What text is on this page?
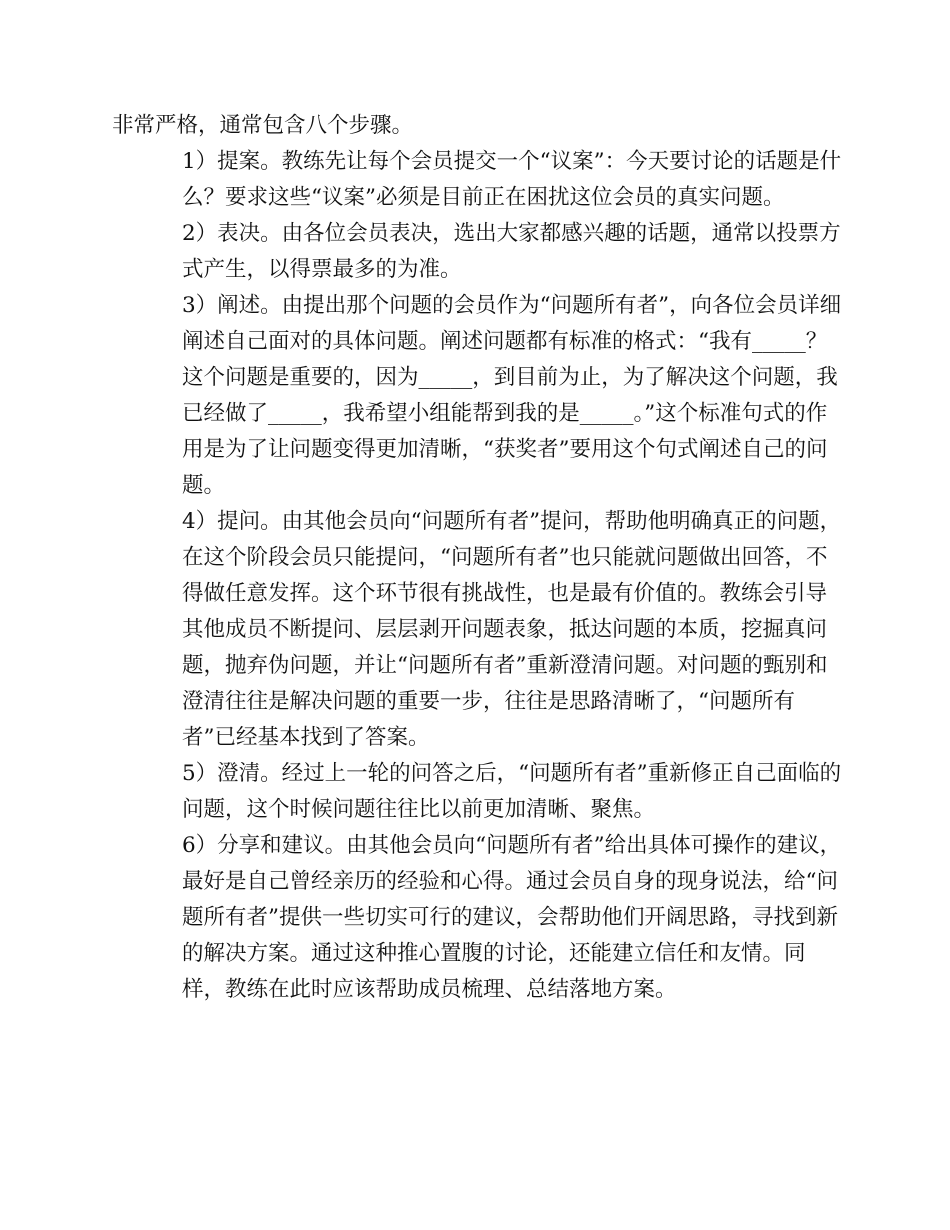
非常严格，通常包含八个步骤。

1）提案。教练先让每个会员提交一个“议案”：今天要讨论的话题是什么？要求这些“议案”必须是目前正在困扰这位会员的真实问题。

2）表决。由各位会员表决，选出大家都感兴趣的话题，通常以投票方式产生，以得票最多的为准。

3）阐述。由提出那个问题的会员作为“问题所有者”，向各位会员详细阐述自己面对的具体问题。阐述问题都有标准的格式：“我有_____？这个问题是重要的，因为_____，到目前为止，为了解决这个问题，我已经做了_____，我希望小组能帮到我的是_____。”这个标准句式的作用是为了让问题变得更加清晰，“获奖者”要用这个句式阐述自己的问题。

4）提问。由其他会员向“问题所有者”提问，帮助他明确真正的问题，在这个阶段会员只能提问，“问题所有者”也只能就问题做出回答，不得做任意发挥。这个环节很有挑战性，也是最有价值的。教练会引导其他成员不断提问、层层剥开问题表象，抵达问题的本质，挖掘真问题，抛弃伪问题，并让“问题所有者”重新澄清问题。对问题的甄别和澄清往往是解决问题的重要一步，往往是思路清晰了，“问题所有者”已经基本找到了答案。

5）澄清。经过上一轮的问答之后，“问题所有者”重新修正自己面临的问题，这个时候问题往往比以前更加清晰、聚焦。

6）分享和建议。由其他会员向“问题所有者”给出具体可操作的建议，最好是自己曾经亲历的经验和心得。通过会员自身的现身说法，给“问题所有者”提供一些切实可行的建议，会帮助他们开阔思路，寻找到新的解决方案。通过这种推心置腹的讨论，还能建立信任和友情。同样，教练在此时应该帮助成员梳理、总结落地方案。
